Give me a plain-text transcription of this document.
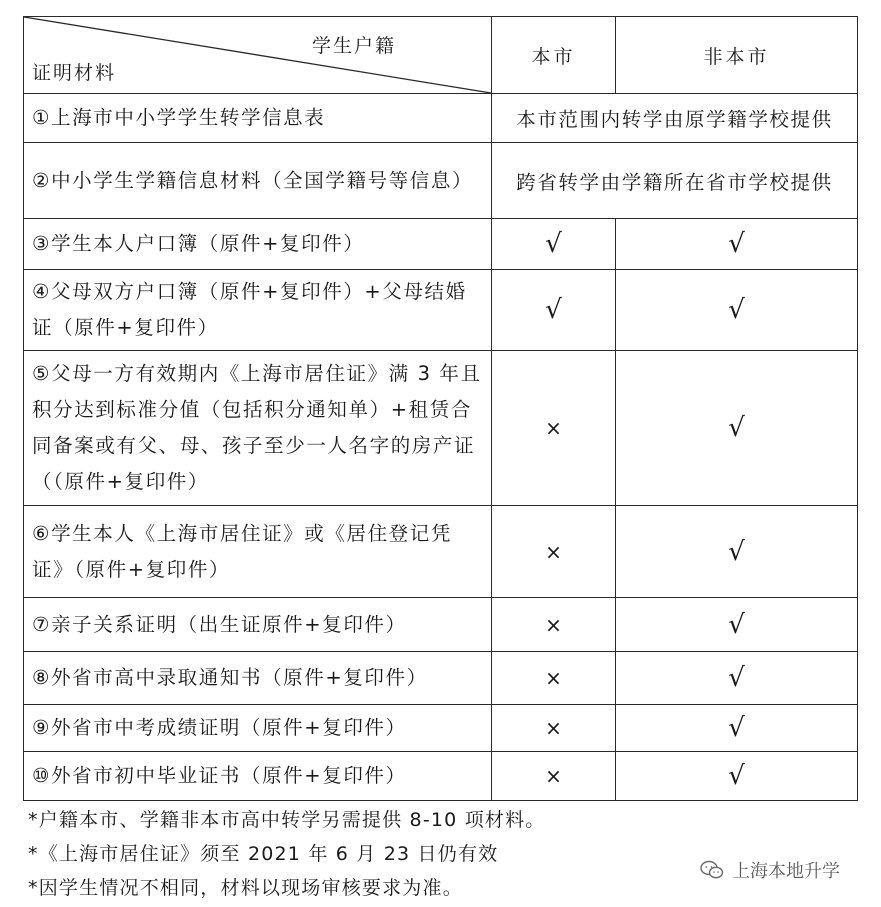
学生户籍
证明材料	本市	非本市
①上海市中小学学生转学信息表	本市范围内转学由原学籍学校提供	
②中小学生学籍信息材料（全国学籍号等信息）	跨省转学由学籍所在省市学校提供	
③学生本人户口簿（原件+复印件）	√	√
④父母双方户口簿（原件+复印件）+父母结婚证（原件+复印件）	√	√
⑤父母一方有效期内《上海市居住证》满 3 年且积分达到标准分值（包括积分通知单）+租赁合同备案或有父、母、孩子至少一人名字的房产证（（原件+复印件）	×	√
⑥学生本人《上海市居住证》或《居住登记凭证》（原件+复印件）	×	√
⑦亲子关系证明（出生证原件+复印件）	×	√
⑧外省市高中录取通知书（原件+复印件）	×	√
⑨外省市中考成绩证明（原件+复印件）	×	√
⑩外省市初中毕业证书（原件+复印件）	×	√
*户籍本市、学籍非本市高中转学另需提供 8-10 项材料。
*《上海市居住证》须至 2021 年 6 月 23 日仍有效
*因学生情况不相同，材料以现场审核要求为准。
上海本地升学
